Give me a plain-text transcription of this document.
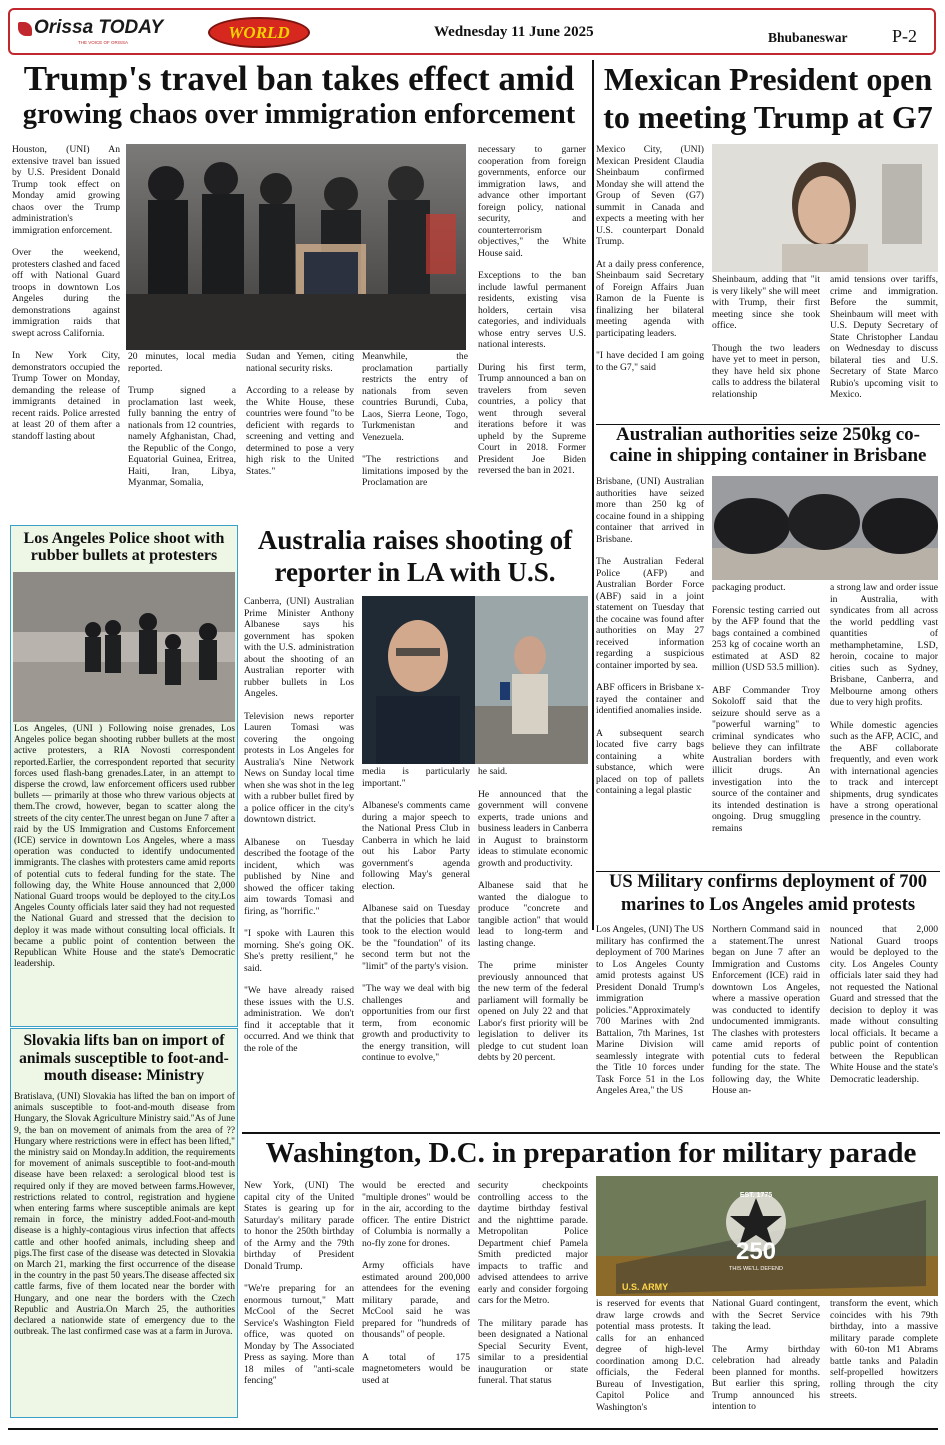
Orissa TODAY
THE VOICE OF ORISSA
WORLD	Wednesday 11 June 2025	Bhubaneswar P-2
Trump's travel ban takes effect amid
growing chaos over immigration enforcement

Houston, (UNI) An extensive travel ban issued by U.S. President Donald Trump took effect on Monday amid growing chaos over the Trump administration's immigration enforcement.

Over the weekend, protesters clashed and faced off with National Guard troops in downtown Los Angeles during the demonstrations against immigration raids that swept across California.

In New York City, demonstrators occupied the Trump Tower on Monday, demanding the release of immigrants detained in recent raids. Police arrested at least 20 of them after a standoff lasting about

20 minutes, local media reported.

Trump signed a proclamation last week, fully banning the entry of nationals from 12 countries, namely Afghanistan, Chad, the Republic of the Congo, Equatorial Guinea, Eritrea, Haiti, Iran, Libya, Myanmar, Somalia,

Sudan and Yemen, citing national security risks.

According to a release by the White House, these countries were found "to be deficient with regards to screening and vetting and determined to pose a very high risk to the United States."

Meanwhile, the proclamation partially restricts the entry of nationals from seven countries Burundi, Cuba, Laos, Sierra Leone, Togo, Turkmenistan and Venezuela.

"The restrictions and limitations imposed by the Proclamation are

necessary to garner cooperation from foreign governments, enforce our immigration laws, and advance other important foreign policy, national security, and counterterrorism objectives," the White House said.

Exceptions to the ban include lawful permanent residents, existing visa holders, certain visa categories, and individuals whose entry serves U.S. national interests.

During his first term, Trump announced a ban on travelers from seven countries, a policy that went through several iterations before it was upheld by the Supreme Court in 2018. Former President Joe Biden reversed the ban in 2021.

Mexican President open
to meeting Trump at G7

Mexico City, (UNI) Mexican President Claudia Sheinbaum confirmed Monday she will attend the Group of Seven (G7) summit in Canada and expects a meeting with her U.S. counterpart Donald Trump.

At a daily press conference, Sheinbaum said Secretary of Foreign Affairs Juan Ramon de la Fuente is finalizing her bilateral meeting agenda with participating leaders.

"I have decided I am going to the G7," said

Sheinbaum, adding that "it is very likely" she will meet with Trump, their first meeting since she took office.

Though the two leaders have yet to meet in person, they have held six phone calls to address the bilateral relationship

amid tensions over tariffs, crime and immigration. Before the summit, Sheinbaum will meet with U.S. Deputy Secretary of State Christopher Landau on Wednesday to discuss bilateral ties and U.S. Secretary of State Marco Rubio's upcoming visit to Mexico.

Australian authorities seize 250kg co-
caine in shipping container in Brisbane

Brisbane, (UNI) Australian authorities have seized more than 250 kg of cocaine found in a shipping container that arrived in Brisbane.

The Australian Federal Police (AFP) and Australian Border Force (ABF) said in a joint statement on Tuesday that the cocaine was found after authorities on May 27 received information regarding a suspicious container imported by sea.

ABF officers in Brisbane x-rayed the container and identified anomalies inside.

A subsequent search located five carry bags containing a white substance, which were placed on top of pallets containing a legal plastic

packaging product.

Forensic testing carried out by the AFP found that the bags contained a combined 253 kg of cocaine worth an estimated at ASD 82 million (USD 53.5 million).

ABF Commander Troy Sokoloff said that the seizure should serve as a "powerful warning" to criminal syndicates who believe they can infiltrate Australian borders with illicit drugs. An investigation into the source of the container and its intended destination is ongoing. Drug smuggling remains

a strong law and order issue in Australia, with syndicates from all across the world peddling vast quantities of methamphetamine, LSD, heroin, cocaine to major cities such as Sydney, Brisbane, Canberra, and Melbourne among others due to very high profits.

While domestic agencies such as the AFP, ACIC, and the ABF collaborate frequently, and even work with international agencies to track and intercept shipments, drug syndicates have a strong operational presence in the country.

US Military confirms deployment of 700
marines to Los Angeles amid protests

Los Angeles, (UNI) The US military has confirmed the deployment of 700 Marines to Los Angeles County amid protests against US President Donald Trump's immigration policies."Approximately 700 Marines with 2nd Battalion, 7th Marines, 1st Marine Division will seamlessly integrate with the Title 10 forces under Task Force 51 in the Los Angeles Area," the US

Northern Command said in a statement.The unrest began on June 7 after an Immigration and Customs Enforcement (ICE) raid in downtown Los Angeles, where a massive operation was conducted to identify undocumented immigrants. The clashes with protesters came amid reports of potential cuts to federal funding for the state. The following day, the White House an-

nounced that 2,000 National Guard troops would be deployed to the city. Los Angeles County officials later said they had not requested the National Guard and stressed that the decision to deploy it was made without consulting local officials. It became a public point of contention between the Republican White House and the state's Democratic leadership.

Los Angeles Police shoot with rubber bullets at protesters
Los Angeles, (UNI ) Following noise grenades, Los Angeles police began shooting rubber bullets at the most active protesters, a RIA Novosti correspondent reported.Earlier, the correspondent reported that security forces used flash-bang grenades.Later, in an attempt to disperse the crowd, law enforcement officers used rubber bullets — primarily at those who threw various objects at them.The crowd, however, began to scatter along the streets of the city center.The unrest began on June 7 after a raid by the US Immigration and Customs Enforcement (ICE) service in downtown Los Angeles, where a mass operation was conducted to identify undocumented immigrants. The clashes with protesters came amid reports of potential cuts to federal funding for the state. The following day, the White House announced that 2,000 National Guard troops would be deployed to the city.Los Angeles County officials later said they had not requested the National Guard and stressed that the decision to deploy it was made without consulting local officials. It became a public point of contention between the Republican White House and the state's Democratic leadership.
Slovakia lifts ban on import of animals susceptible to foot-and-mouth disease: Ministry
Bratislava, (UNI) Slovakia has lifted the ban on import of animals susceptible to foot-and-mouth disease from Hungary, the Slovak Agriculture Ministry said."As of June 9, the ban on movement of animals from the area of ??Hungary where restrictions were in effect has been lifted," the ministry said on Monday.In addition, the requirements for movement of animals susceptible to foot-and-mouth disease have been relaxed: a serological blood test is required only if they are moved between farms.However, restrictions related to control, registration and hygiene when entering farms where susceptible animals are kept remain in force, the ministry added.Foot-and-mouth disease is a highly-contagious virus infection that affects cattle and other hoofed animals, including sheep and pigs.The first case of the disease was detected in Slovakia on March 21, marking the first occurrence of the disease in the country in the past 50 years.The disease affected six cattle farms, five of them located near the border with Hungary, and one near the borders with the Czech Republic and Austria.On March 25, the authorities declared a nationwide state of emergency due to the outbreak. The last confirmed case was at a farm in Jurova.
Australia raises shooting of
reporter in LA with U.S.

Canberra, (UNI) Australian Prime Minister Anthony Albanese says his government has spoken with the U.S. administration about the shooting of an Australian reporter with rubber bullets in Los Angeles.

Television news reporter Lauren Tomasi was covering the ongoing protests in Los Angeles for Australia's Nine Network News on Sunday local time when she was shot in the leg with a rubber bullet fired by a police officer in the city's downtown district.

Albanese on Tuesday described the footage of the incident, which was published by Nine and showed the officer taking aim towards Tomasi and firing, as "horrific."

"I spoke with Lauren this morning. She's going OK. She's pretty resilient," he said.

"We have already raised these issues with the U.S. administration. We don't find it acceptable that it occurred. And we think that the role of the

media is particularly important."

Albanese's comments came during a major speech to the National Press Club in Canberra in which he laid out his Labor Party government's agenda following May's general election.

Albanese said on Tuesday that the policies that Labor took to the election would be the "foundation" of its second term but not the "limit" of the party's vision.

"The way we deal with big challenges and opportunities from our first term, from economic growth and productivity to the energy transition, will continue to evolve,"

he said.

He announced that the government will convene experts, trade unions and business leaders in Canberra in August to brainstorm ideas to stimulate economic growth and productivity.

Albanese said that he wanted the dialogue to produce "concrete and tangible action" that would lead to long-term and lasting change.

The prime minister previously announced that the new term of the federal parliament will formally be opened on July 22 and that Labor's first priority will be legislation to deliver its pledge to cut student loan debts by 20 percent.

Washington, D.C. in preparation for military parade
EST. 1775
250
THIS WE'LL DEFEND
U.S. ARMY

New York, (UNI) The capital city of the United States is gearing up for Saturday's military parade to honor the 250th birthday of the Army and the 79th birthday of President Donald Trump.

"We're preparing for an enormous turnout," Matt McCool of the Secret Service's Washington Field office, was quoted on Monday by The Associated Press as saying. More than 18 miles of "anti-scale fencing"

would be erected and "multiple drones" would be in the air, according to the officer. The entire District of Columbia is normally a no-fly zone for drones.

Army officials have estimated around 200,000 attendees for the evening military parade, and McCool said he was prepared for "hundreds of thousands" of people.

A total of 175 magnetometers would be used at

security checkpoints controlling access to the daytime birthday festival and the nighttime parade. Metropolitan Police Department chief Pamela Smith predicted major impacts to traffic and advised attendees to arrive early and consider forgoing cars for the Metro.

The military parade has been designated a National Special Security Event, similar to a presidential inauguration or state funeral. That status

is reserved for events that draw large crowds and potential mass protests. It calls for an enhanced degree of high-level coordination among D.C. officials, the Federal Bureau of Investigation, Capitol Police and Washington's

National Guard contingent, with the Secret Service taking the lead.

The Army birthday celebration had already been planned for months. But earlier this spring, Trump announced his intention to

transform the event, which coincides with his 79th birthday, into a massive military parade complete with 60-ton M1 Abrams battle tanks and Paladin self-propelled howitzers rolling through the city streets.
